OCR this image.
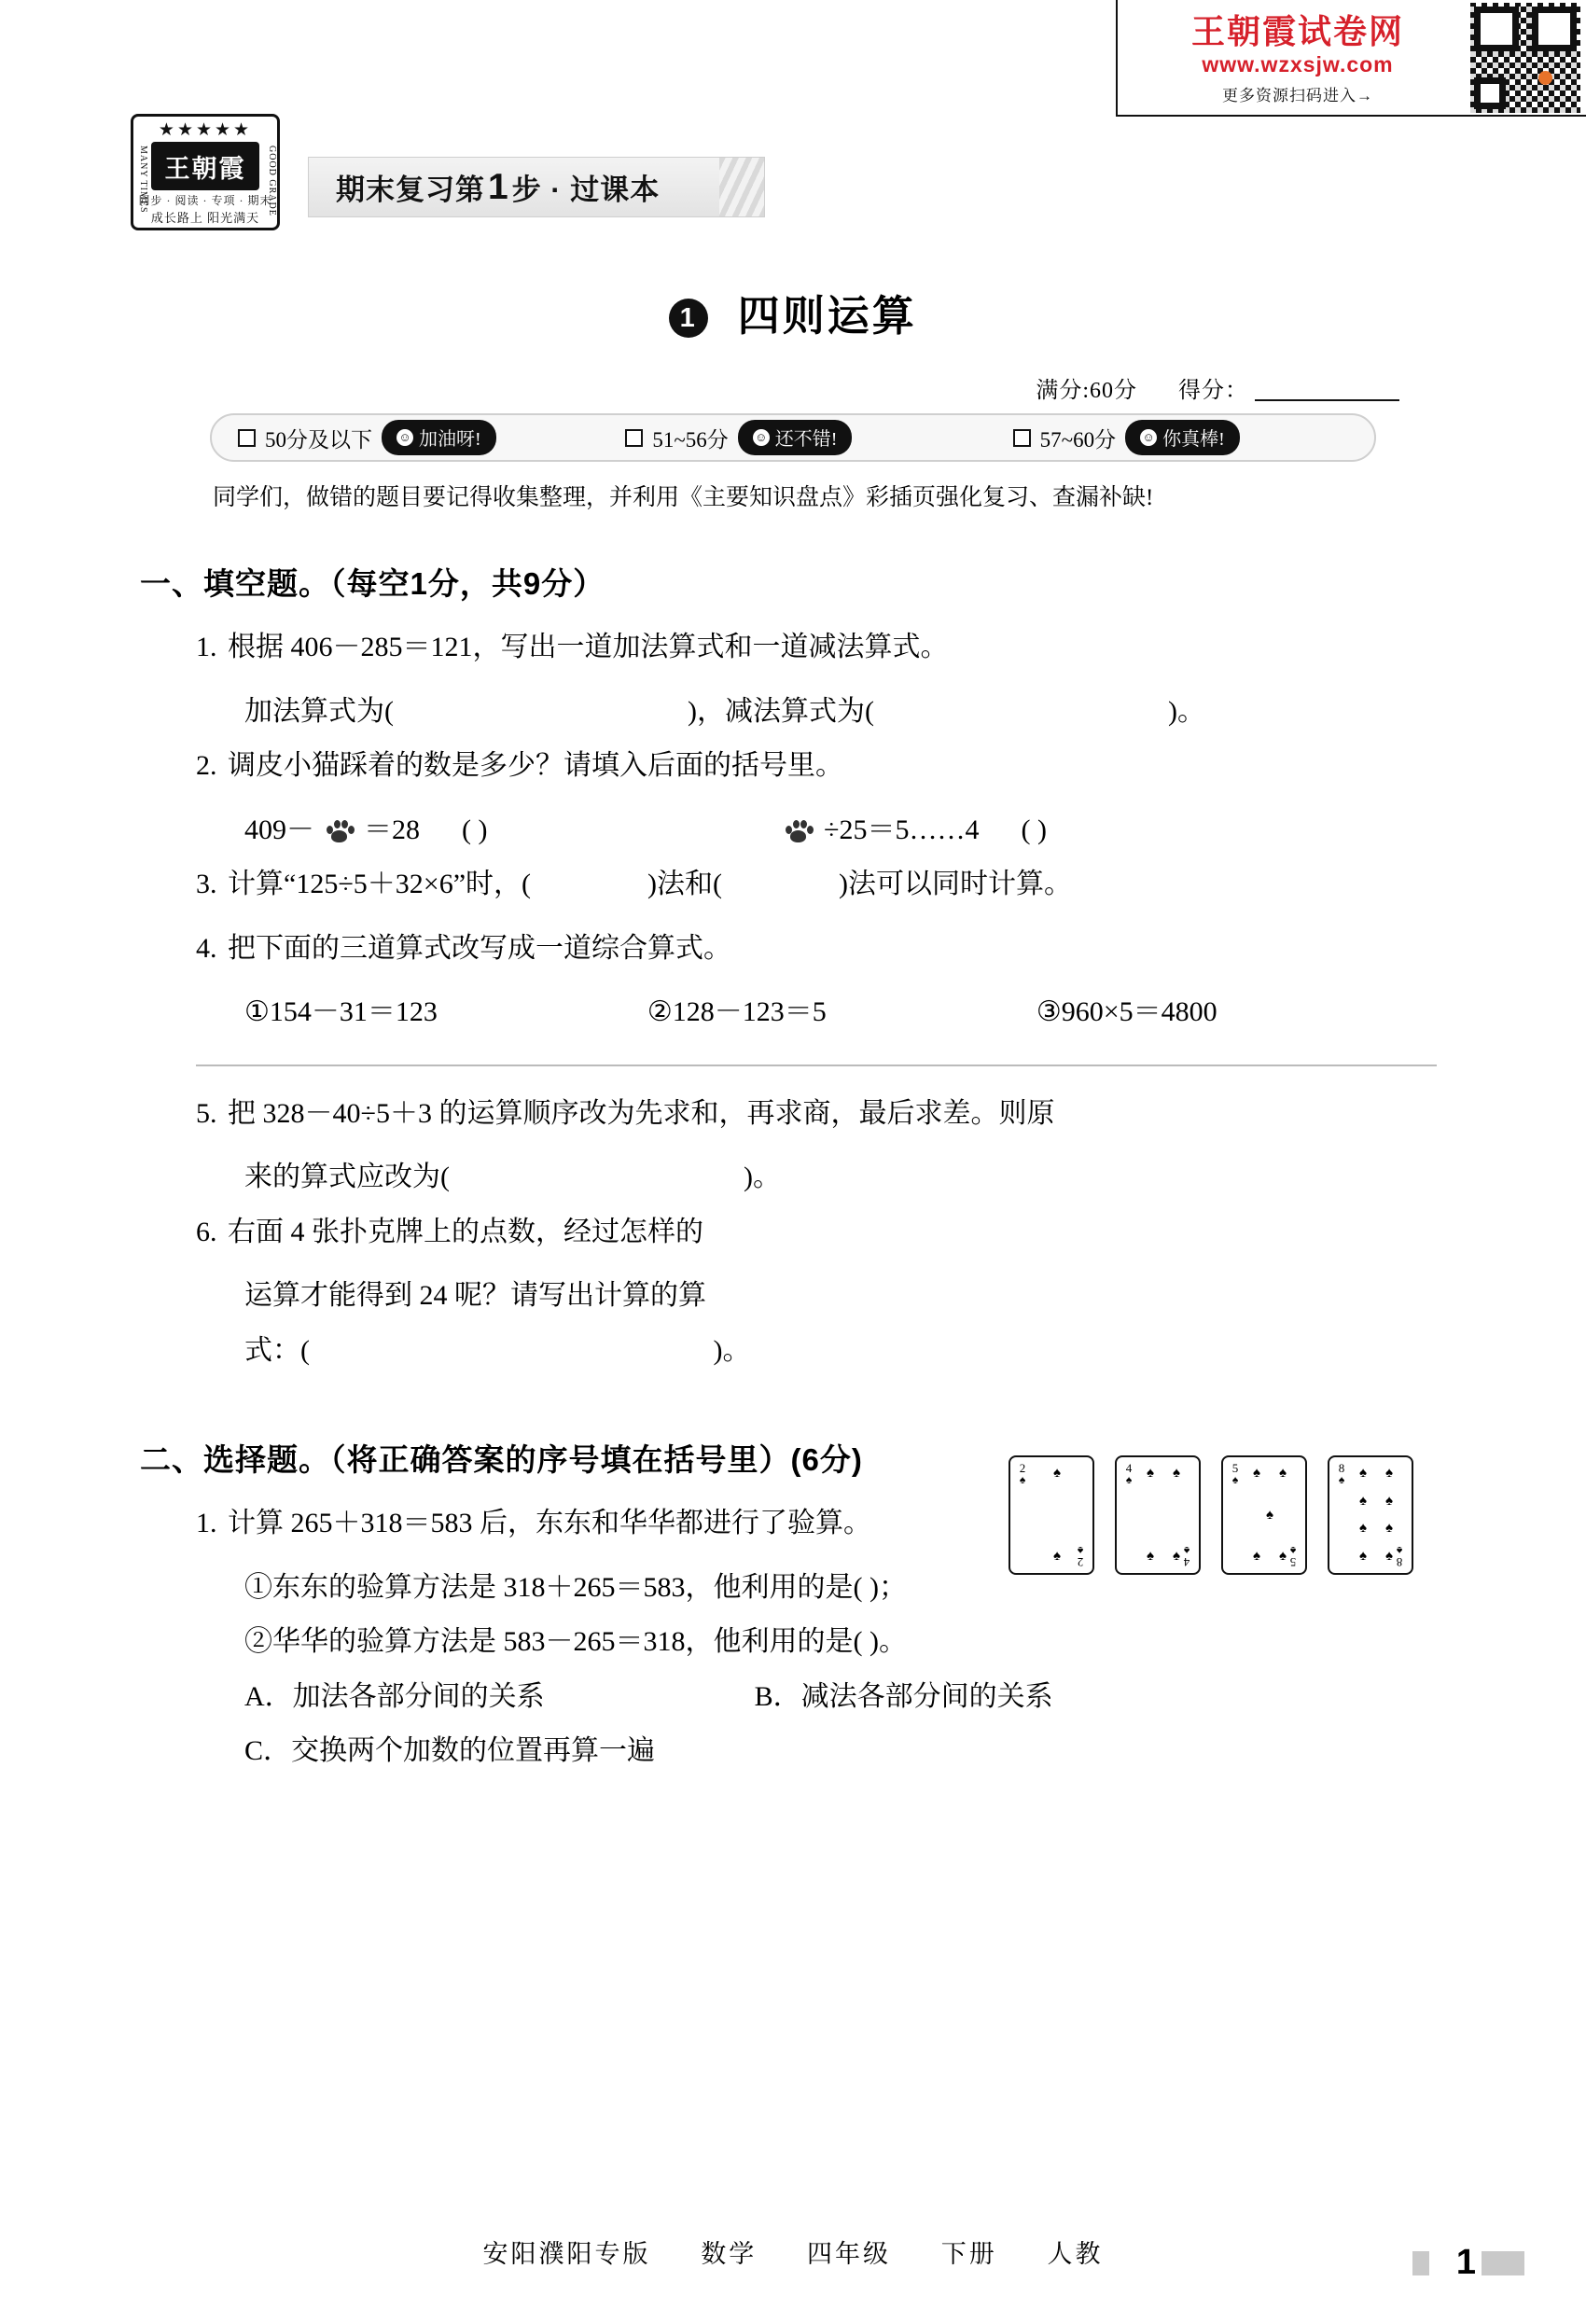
王朝霞试卷网
www.wzxsjw.com
更多资源扫码进入→
★★★★★
王朝霞
同步 · 阅读 · 专项 · 期末
成长路上 阳光满天
MANY TIMES	GOOD GRADE 期末复习第 1 步 · 过课本
1 四则运算
满分:60分 得分：
50分及以下 ☺ 加油呀!	51~56分 ☺ 还不错!	57~60分 ☺ 你真棒!
同学们，做错的题目要记得收集整理，并利用《主要知识盘点》彩插页强化复习、查漏补缺!
一、填空题。（每空1分，共9分）
1. 根据 406－285＝121，写出一道加法算式和一道减法算式。
加法算式为(	)，减法算式为(	)。
2. 调皮小猫踩着的数是多少？请填入后面的括号里。
409－ ＝28 ( )	÷25＝5……4 ( )
3. 计算“125÷5＋32×6”时，(	)法和(	)法可以同时计算。
4. 把下面的三道算式改写成一道综合算式。
①154－31＝123	②128－123＝5	③960×5＝4800
5. 把 328－40÷5＋3 的运算顺序改为先求和，再求商，最后求差。则原
来的算式应改为(	)。
6. 右面 4 张扑克牌上的点数，经过怎样的
运算才能得到 24 呢？请写出计算的算
式：(	)。
2
♠	♠
♠	2
♠
4
♠	♠	♠
♠	♠ 4
♠
5
♠	♠	♠
♠
♠	♠ 5
♠
8
♠	♠	♠
♠	♠
♠	♠
♠	♠ 8
♠
二、选择题。（将正确答案的序号填在括号里）(6分)
1. 计算 265＋318＝583 后，东东和华华都进行了验算。
①东东的验算方法是 318＋265＝583，他利用的是( )；
②华华的验算方法是 583－265＝318，他利用的是( )。
A．加法各部分间的关系	B．减法各部分间的关系
C．交换两个加数的位置再算一遍
安阳濮阳专版 数学 四年级 下册 人教	1
